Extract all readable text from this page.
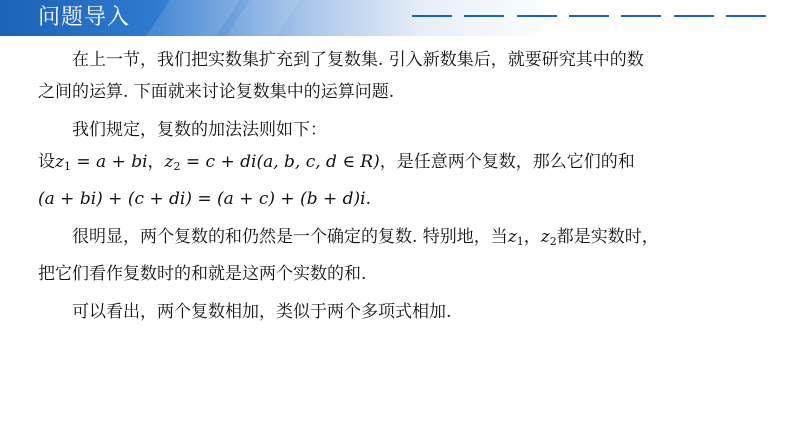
问题导入

在上一节，我们把实数集扩充到了复数集. 引入新数集后，就要研究其中的数

之间的运算. 下面就来讨论复数集中的运算问题.

我们规定，复数的加法法则如下：

设$z_1 = a$ + bi，$z_2 = c + di(a$, b, c, d ∈ R)，是任意两个复数，那么它们的和

(a + bi) + (c + di) = (a + c) + (b + d)i.

很明显，两个复数的和仍然是一个确定的复数. 特别地，当$z_1$，$z_2$都是实数时，

把它们看作复数时的和就是这两个实数的和.

可以看出，两个复数相加，类似于两个多项式相加.
